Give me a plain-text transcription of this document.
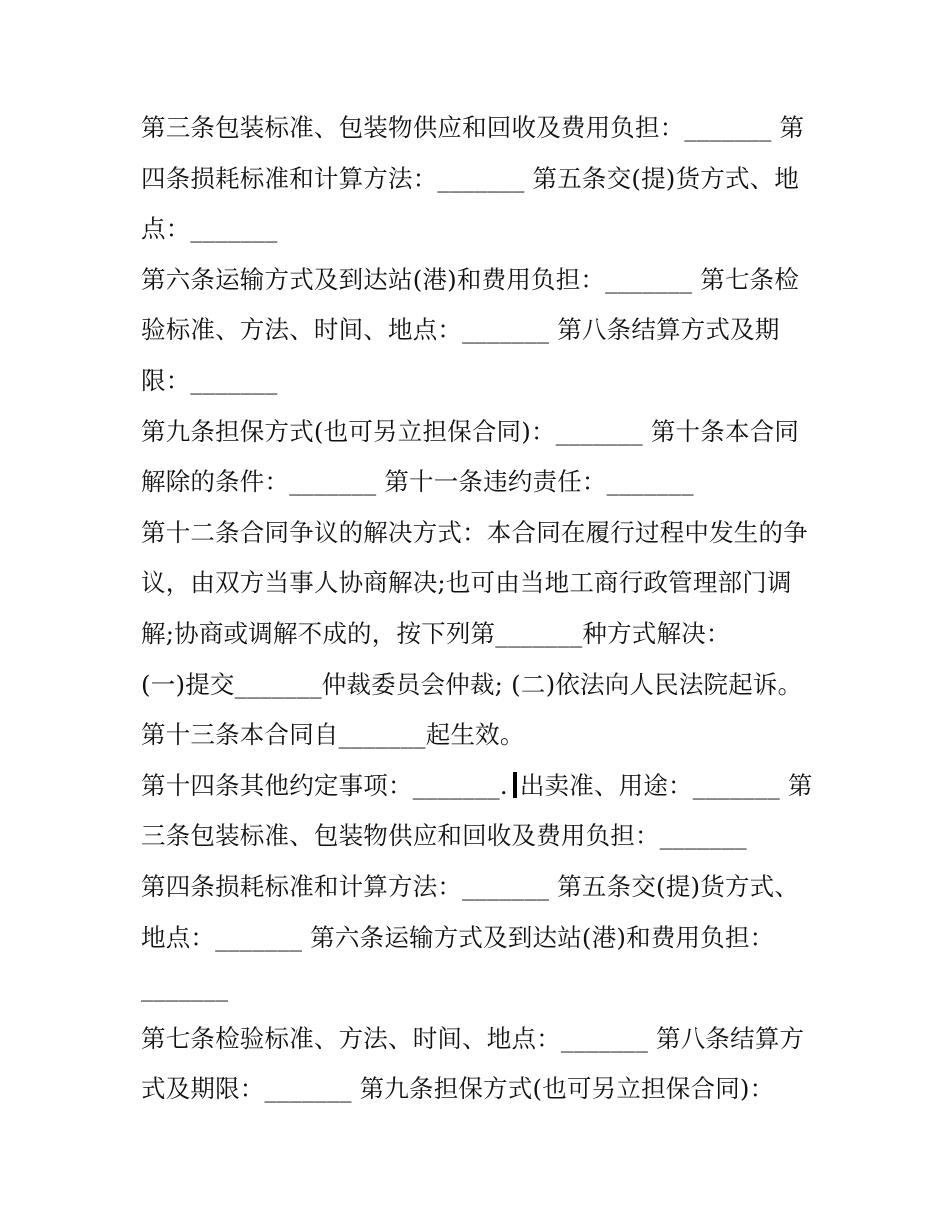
第三条包装标准、包装物供应和回收及费用负担：_______ 第
四条损耗标准和计算方法：_______ 第五条交(提)货方式、地
点：_______
第六条运输方式及到达站(港)和费用负担：_______ 第七条检
验标准、方法、时间、地点：_______ 第八条结算方式及期
限：_______
第九条担保方式(也可另立担保合同)：_______ 第十条本合同
解除的条件：_______ 第十一条违约责任：_______
第十二条合同争议的解决方式：本合同在履行过程中发生的争
议，由双方当事人协商解决;也可由当地工商行政管理部门调
解;协商或调解不成的，按下列第_______种方式解决：
(一)提交_______仲裁委员会仲裁; (二)依法向人民法院起诉。
第十三条本合同自_______起生效。
第十四条其他约定事项：_______. 出卖准、用途：_______ 第
三条包装标准、包装物供应和回收及费用负担：_______
第四条损耗标准和计算方法：_______ 第五条交(提)货方式、
地点：_______ 第六条运输方式及到达站(港)和费用负担：
_______
第七条检验标准、方法、时间、地点：_______ 第八条结算方
式及期限：_______ 第九条担保方式(也可另立担保合同)：
